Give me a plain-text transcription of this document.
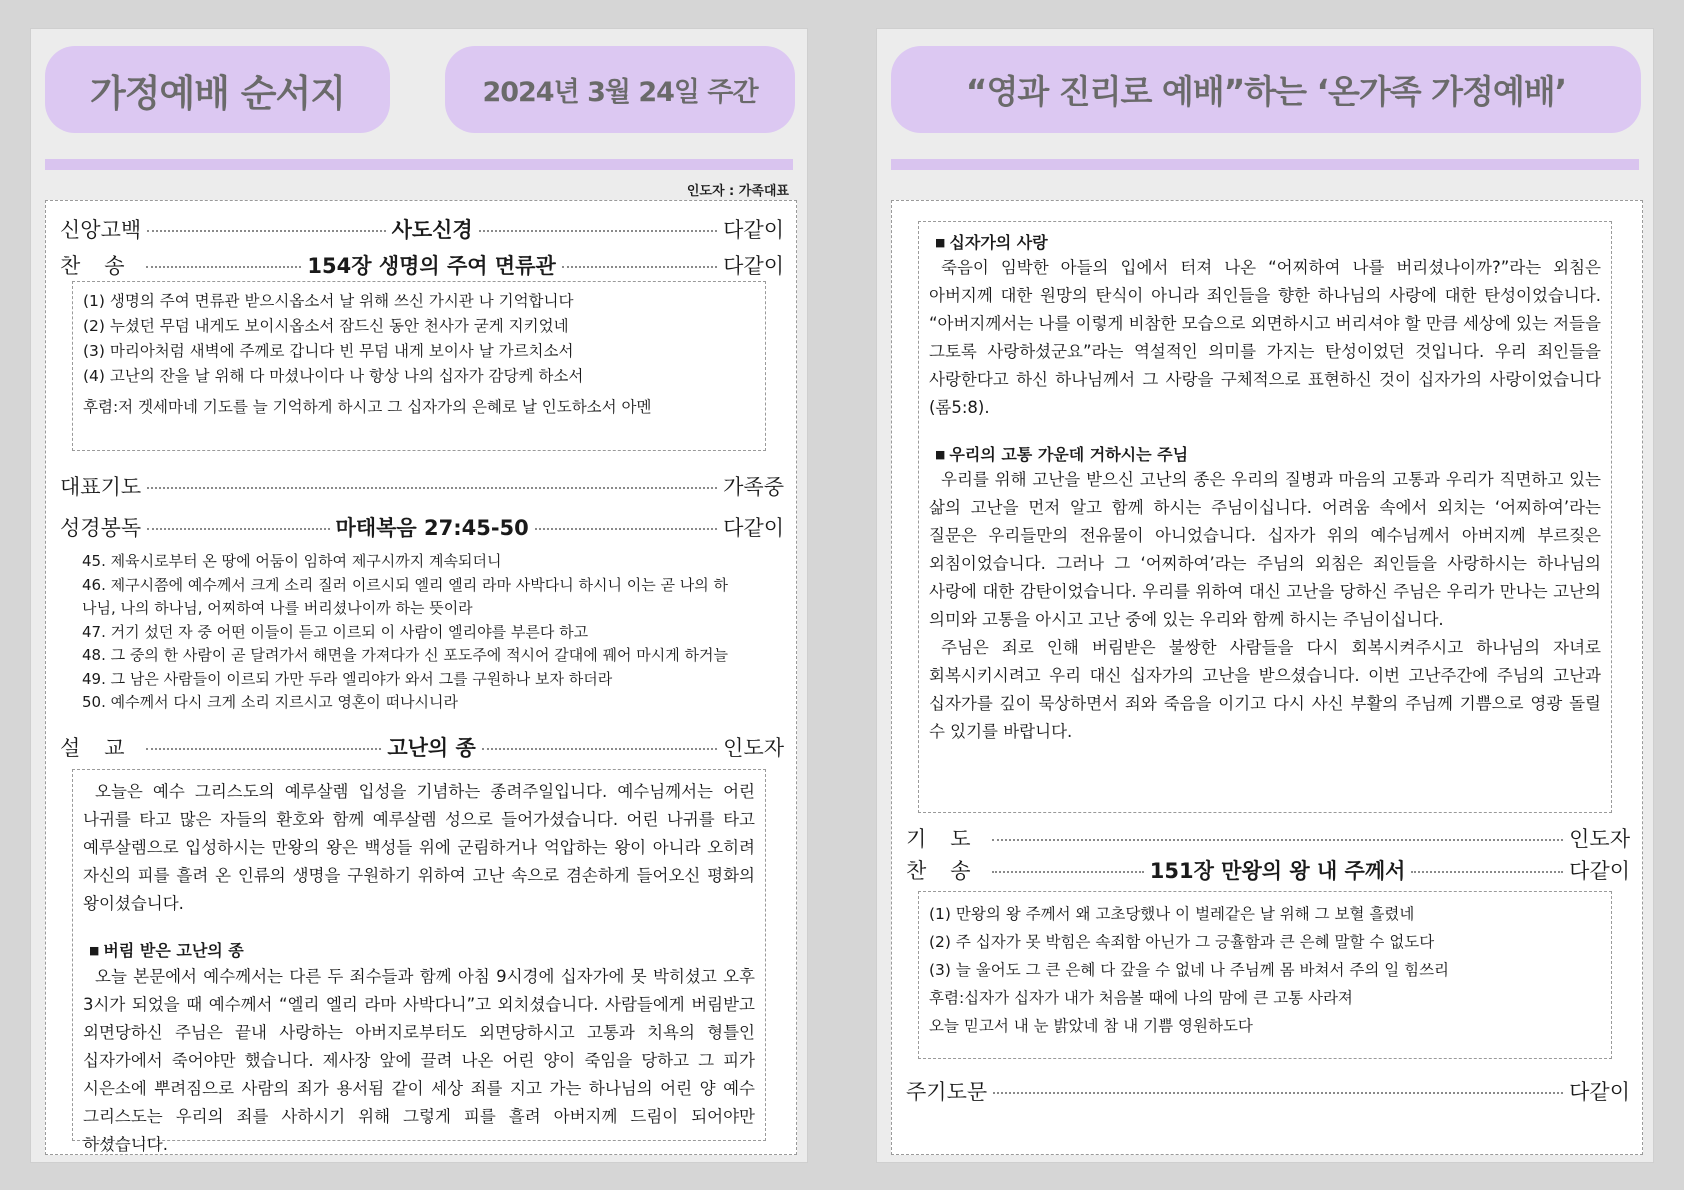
가정예배 순서지	2024년 3월 24일 주간
인도자 : 가족대표
신앙고백	사도신경	다같이
찬송	154장 생명의 주여 면류관	다같이

(1) 생명의 주여 면류관 받으시옵소서 날 위해 쓰신 가시관 나 기억합니다

(2) 누셨던 무덤 내게도 보이시옵소서 잠드신 동안 천사가 굳게 지키었네

(3) 마리아처럼 새벽에 주께로 갑니다 빈 무덤 내게 보이사 날 가르치소서

(4) 고난의 잔을 날 위해 다 마셨나이다 나 항상 나의 십자가 감당케 하소서

후렴:저 겟세마네 기도를 늘 기억하게 하시고 그 십자가의 은혜로 날 인도하소서 아멘

대표기도	가족중
성경봉독	마태복음 27:45-50	다같이

45. 제육시로부터 온 땅에 어둠이 임하여 제구시까지 계속되더니

46. 제구시쯤에 예수께서 크게 소리 질러 이르시되 엘리 엘리 라마 사박다니 하시니 이는 곧 나의 하

나님, 나의 하나님, 어찌하여 나를 버리셨나이까 하는 뜻이라

47. 거기 섰던 자 중 어떤 이들이 듣고 이르되 이 사람이 엘리야를 부른다 하고

48. 그 중의 한 사람이 곧 달려가서 해면을 가져다가 신 포도주에 적시어 갈대에 꿰어 마시게 하거늘

49. 그 남은 사람들이 이르되 가만 두라 엘리야가 와서 그를 구원하나 보자 하더라

50. 예수께서 다시 크게 소리 지르시고 영혼이 떠나시니라

설교	고난의 종	인도자

오늘은 예수 그리스도의 예루살렘 입성을 기념하는 종려주일입니다. 예수님께서는 어린 나귀를 타고 많은 자들의 환호와 함께 예루살렘 성으로 들어가셨습니다. 어린 나귀를 타고 예루살렘으로 입성하시는 만왕의 왕은 백성들 위에 군림하거나 억압하는 왕이 아니라 오히려 자신의 피를 흘려 온 인류의 생명을 구원하기 위하여 고난 속으로 겸손하게 들어오신 평화의 왕이셨습니다.

■ 버림 받은 고난의 종

오늘 본문에서 예수께서는 다른 두 죄수들과 함께 아침 9시경에 십자가에 못 박히셨고 오후 3시가 되었을 때 예수께서 “엘리 엘리 라마 사박다니”고 외치셨습니다. 사람들에게 버림받고 외면당하신 주님은 끝내 사랑하는 아버지로부터도 외면당하시고 고통과 치욕의 형틀인 십자가에서 죽어야만 했습니다. 제사장 앞에 끌려 나온 어린 양이 죽임을 당하고 그 피가 시은소에 뿌려짐으로 사람의 죄가 용서됨 같이 세상 죄를 지고 가는 하나님의 어린 양 예수 그리스도는 우리의 죄를 사하시기 위해 그렇게 피를 흘려 아버지께 드림이 되어야만 하셨습니다.

“영과 진리로 예배”하는 ‘온가족 가정예배’

■ 십자가의 사랑

죽음이 임박한 아들의 입에서 터져 나온 “어찌하여 나를 버리셨나이까?”라는 외침은 아버지께 대한 원망의 탄식이 아니라 죄인들을 향한 하나님의 사랑에 대한 탄성이었습니다. “아버지께서는 나를 이렇게 비참한 모습으로 외면하시고 버리셔야 할 만큼 세상에 있는 저들을 그토록 사랑하셨군요”라는 역설적인 의미를 가지는 탄성이었던 것입니다. 우리 죄인들을 사랑한다고 하신 하나님께서 그 사랑을 구체적으로 표현하신 것이 십자가의 사랑이었습니다(롬5:8).

■ 우리의 고통 가운데 거하시는 주님

우리를 위해 고난을 받으신 고난의 종은 우리의 질병과 마음의 고통과 우리가 직면하고 있는 삶의 고난을 먼저 알고 함께 하시는 주님이십니다. 어려움 속에서 외치는 ‘어찌하여’라는 질문은 우리들만의 전유물이 아니었습니다. 십자가 위의 예수님께서 아버지께 부르짖은 외침이었습니다. 그러나 그 ‘어찌하여’라는 주님의 외침은 죄인들을 사랑하시는 하나님의 사랑에 대한 감탄이었습니다. 우리를 위하여 대신 고난을 당하신 주님은 우리가 만나는 고난의 의미와 고통을 아시고 고난 중에 있는 우리와 함께 하시는 주님이십니다.

주님은 죄로 인해 버림받은 불쌍한 사람들을 다시 회복시켜주시고 하나님의 자녀로 회복시키시려고 우리 대신 십자가의 고난을 받으셨습니다. 이번 고난주간에 주님의 고난과 십자가를 깊이 묵상하면서 죄와 죽음을 이기고 다시 사신 부활의 주님께 기쁨으로 영광 돌릴 수 있기를 바랍니다.

기도	인도자
찬송	151장 만왕의 왕 내 주께서	다같이

(1) 만왕의 왕 주께서 왜 고초당했나 이 벌레같은 날 위해 그 보혈 흘렸네

(2) 주 십자가 못 박힘은 속죄함 아닌가 그 긍휼함과 큰 은혜 말할 수 없도다

(3) 늘 울어도 그 큰 은혜 다 갚을 수 없네 나 주님께 몸 바쳐서 주의 일 힘쓰리

후렴:십자가 십자가 내가 처음볼 때에 나의 맘에 큰 고통 사라져

오늘 믿고서 내 눈 밝았네 참 내 기쁨 영원하도다

주기도문	다같이
